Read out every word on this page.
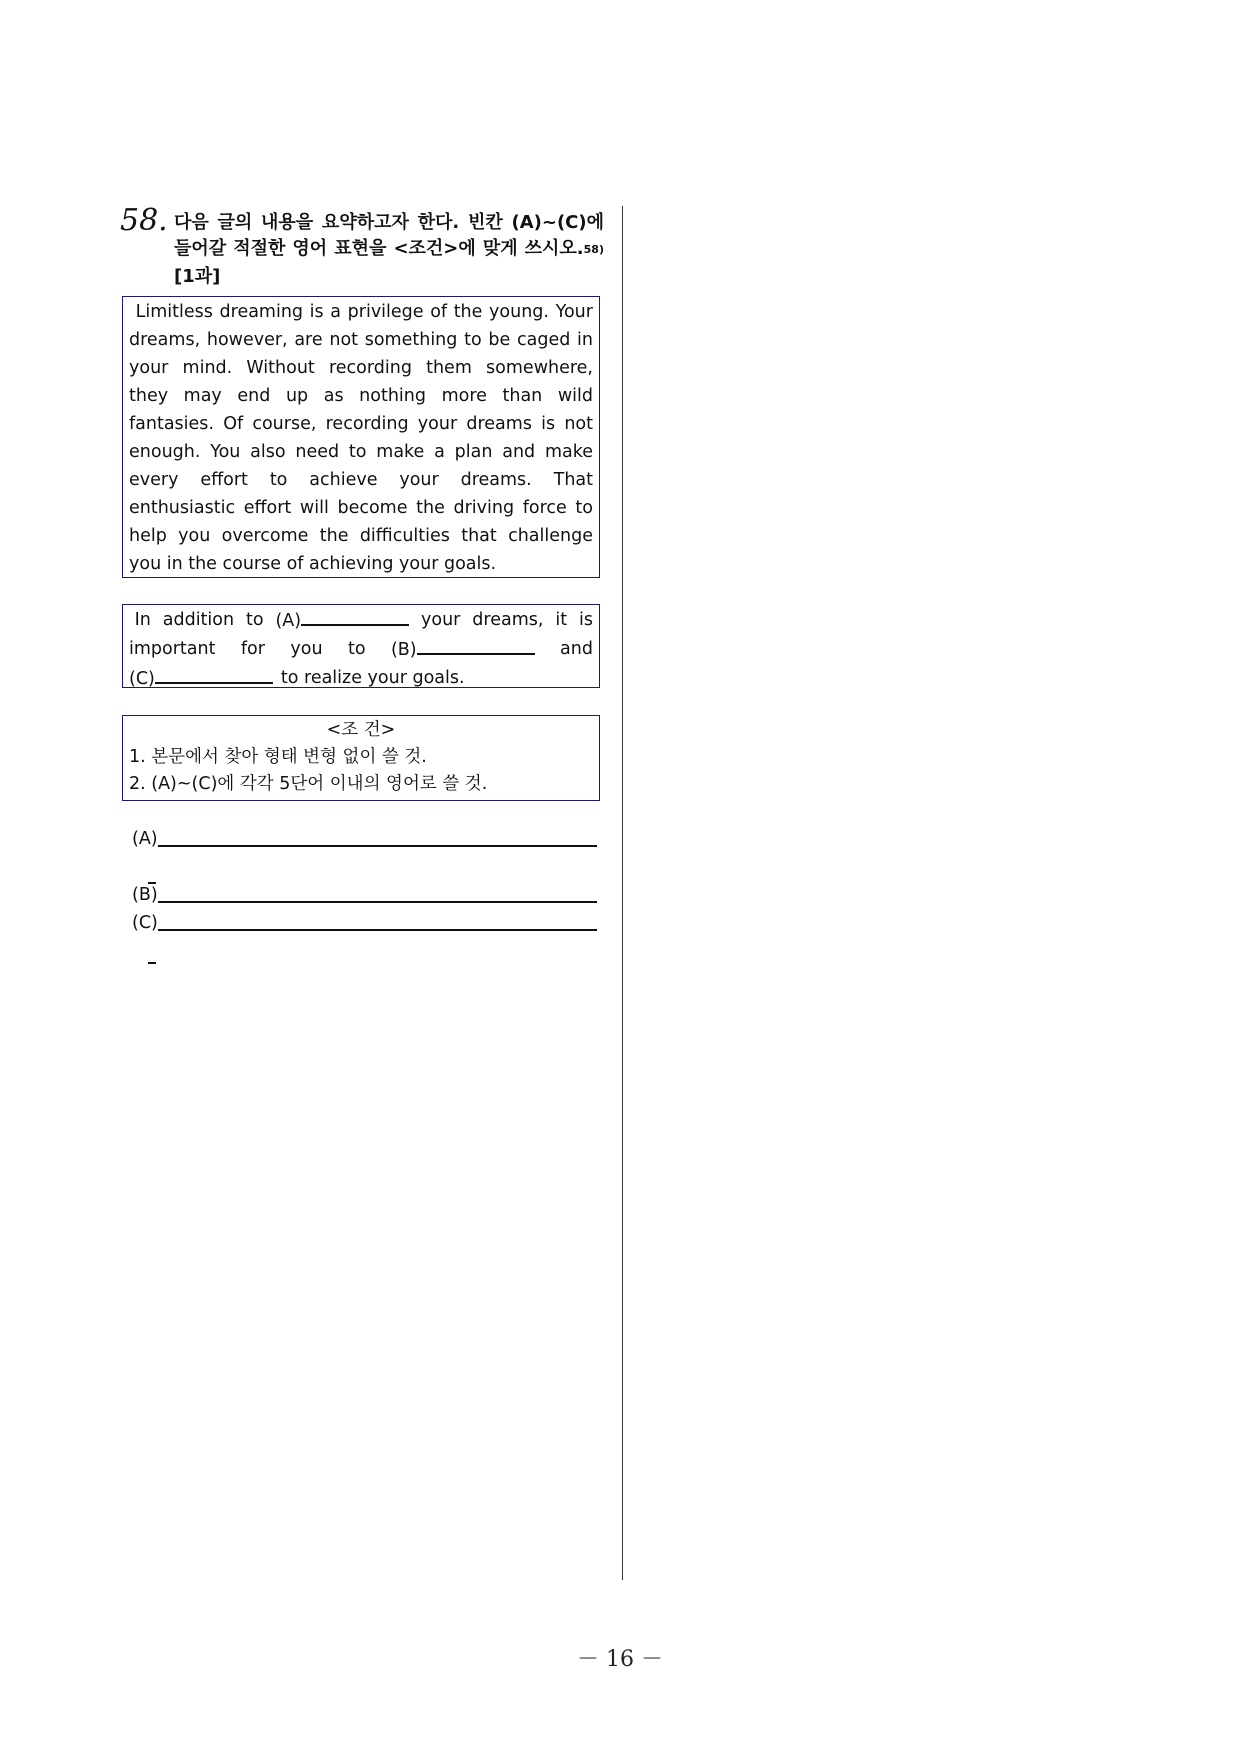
58. 다음 글의 내용을 요약하고자 한다. 빈칸 (A)~(C)에 들어갈 적절한 영어 표현을 <조건>에 맞게 쓰시오.$^{58)}$ [1과]
Limitless dreaming is a privilege of the young. Your dreams, however, are not something to be caged in your mind. Without recording them somewhere, they may end up as nothing more than wild fantasies. Of course, recording your dreams is not enough. You also need to make a plan and make every effort to achieve your dreams. That enthusiastic effort will become the driving force to help you overcome the difficulties that challenge you in the course of achieving your goals.
In addition to (A)	your dreams, it is
important for you to (B)	and
(C)	to realize your goals.
<조 건>
1. 본문에서 찾아 형태 변형 없이 쓸 것.
2. (A)~(C)에 각각 5단어 이내의 영어로 쓸 것.
(A)
(B)
(C)
－ 16 －
